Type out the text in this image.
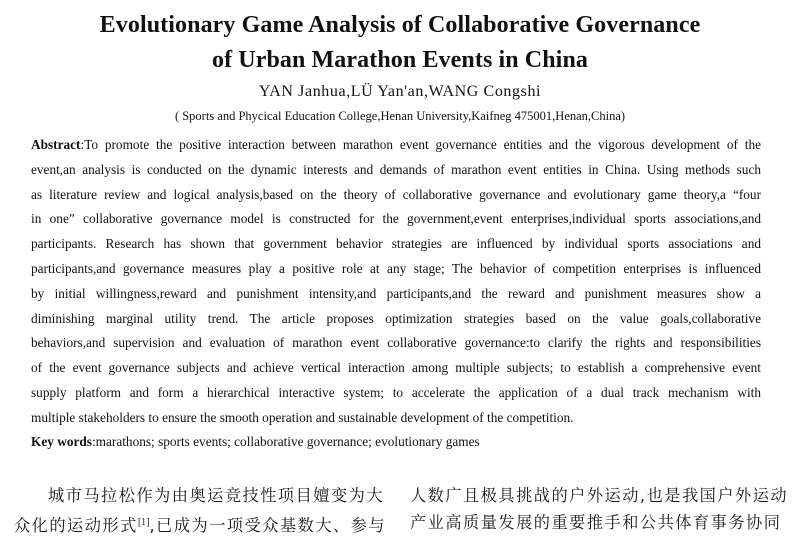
Evolutionary Game Analysis of Collaborative Governance
of Urban Marathon Events in China
YAN Janhua,LÜ Yan'an,WANG Congshi
( Sports and Phycical Education College,Henan University,Kaifneg 475001,Henan,China)
Abstract:To promote the positive interaction between marathon event governance entities and the vigorous development of the
event,an analysis is conducted on the dynamic interests and demands of marathon event entities in China. Using methods such
as literature review and logical analysis,based on the theory of collaborative governance and evolutionary game theory,a “four
in one” collaborative governance model is constructed for the government,event enterprises,individual sports associations,and
participants. Research has shown that government behavior strategies are influenced by individual sports associations and
participants,and governance measures play a positive role at any stage; The behavior of competition enterprises is influenced
by initial willingness,reward and punishment intensity,and participants,and the reward and punishment measures show a
diminishing marginal utility trend. The article proposes optimization strategies based on the value goals,collaborative
behaviors,and supervision and evaluation of marathon event collaborative governance:to clarify the rights and responsibilities
of the event governance subjects and achieve vertical interaction among multiple subjects; to establish a comprehensive event
supply platform and form a hierarchical interactive system; to accelerate the application of a dual track mechanism with
multiple stakeholders to ensure the smooth operation and sustainable development of the competition.
Key words:marathons; sports events; collaborative governance; evolutionary games
城市马拉松作为由奥运竞技性项目嬗变为大
众化的运动形式[1],已成为一项受众基数大、参与
人数广且极具挑战的户外运动,也是我国户外运动
产业高质量发展的重要推手和公共体育事务协同
